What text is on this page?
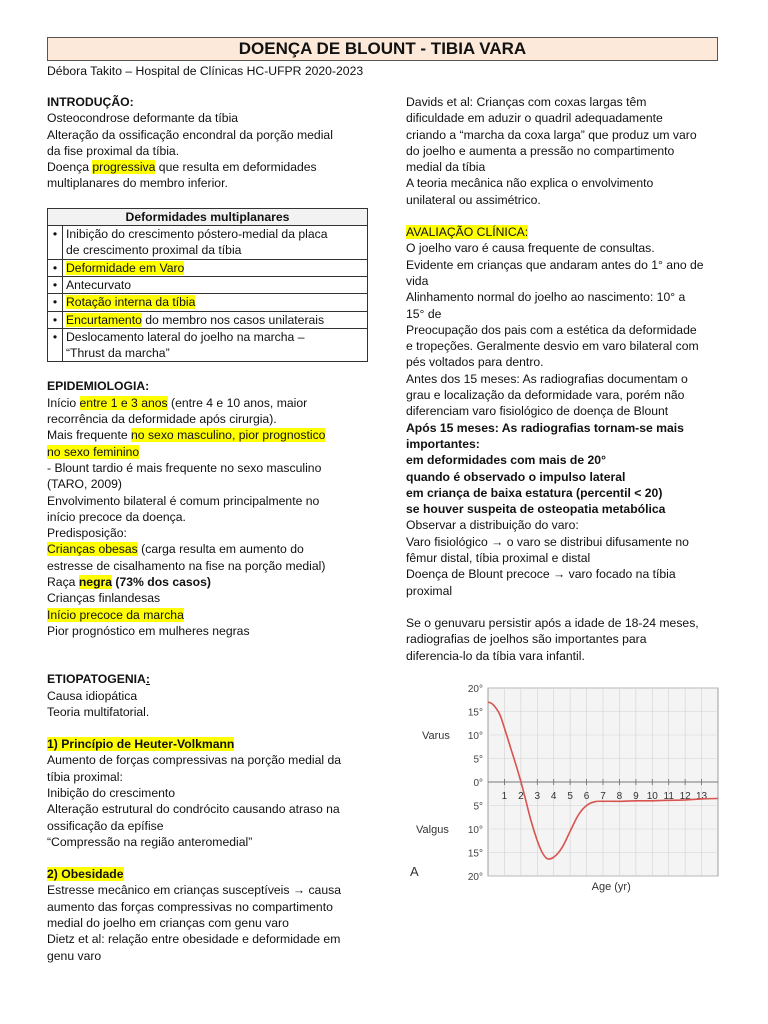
DOENÇA DE BLOUNT - TIBIA VARA
Débora Takito – Hospital de Clínicas HC-UFPR 2020-2023
INTRODUÇÃO:
Osteocondrose deformante da tíbia
Alteração da ossificação encondral da porção medial
da fise proximal da tíbia.
Doença progressiva que resulta em deformidades
multiplanares do membro inferior.
Deformidades multiplanares	
•	Inibição do crescimento póstero-medial da placa
de crescimento proximal da tíbia

•	Deformidade em Varo
•	Antecurvato
•	Rotação interna da tíbia
•	Encurtamento do membro nos casos unilaterais
•	Deslocamento lateral do joelho na marcha –
“Thrust da marcha”
EPIDEMIOLOGIA:
Início entre 1 e 3 anos (entre 4 e 10 anos, maior
recorrência da deformidade após cirurgia).
Mais frequente no sexo masculino, pior prognostico
no sexo feminino
- Blount tardio é mais frequente no sexo masculino
(TARO, 2009)
Envolvimento bilateral é comum principalmente no
início precoce da doença.
Predisposição:
Crianças obesas (carga resulta em aumento do
estresse de cisalhamento na fise na porção medial)
Raça negra (73% dos casos)
Crianças finlandesas
Início precoce da marcha
Pior prognóstico em mulheres negras
ETIOPATOGENIA:
Causa idiopática
Teoria multifatorial.
1) Princípio de Heuter-Volkmann
Aumento de forças compressivas na porção medial da
tíbia proximal:
Inibição do crescimento
Alteração estrutural do condrócito causando atraso na
ossificação da epífise
“Compressão na região anteromedial”
2) Obesidade
Estresse mecânico em crianças susceptíveis → causa
aumento das forças compressivas no compartimento
medial do joelho em crianças com genu varo
Dietz et al: relação entre obesidade e deformidade em
genu varo
Davids et al: Crianças com coxas largas têm
dificuldade em aduzir o quadril adequadamente
criando a “marcha da coxa larga” que produz um varo
do joelho e aumenta a pressão no compartimento
medial da tíbia
A teoria mecânica não explica o envolvimento
unilateral ou assimétrico.
AVALIAÇÃO CLÍNICA:
O joelho varo é causa frequente de consultas.
Evidente em crianças que andaram antes do 1° ano de
vida
Alinhamento normal do joelho ao nascimento: 10° a
15° de
Preocupação dos pais com a estética da deformidade
e tropeções. Geralmente desvio em varo bilateral com
pés voltados para dentro.
Antes dos 15 meses: As radiografias documentam o
grau e localização da deformidade vara, porém não
diferenciam varo fisiológico de doença de Blount
Após 15 meses: As radiografias tornam-se mais
importantes:
em deformidades com mais de 20°
quando é observado o impulso lateral
em criança de baixa estatura (percentil < 20)
se houver suspeita de osteopatia metabólica
Observar a distribuição do varo:
Varo fisiológico → o varo se distribui difusamente no
fêmur distal, tíbia proximal e distal
Doença de Blount precoce → varo focado na tíbia
proximal
Se o genuvaru persistir após a idade de 18-24 meses,
radiografias de joelhos são importantes para
diferencia-lo da tíbia vara infantil.
20°
15°
10°
5°
0°
5°
10°
15°
20°
1 2 3 4 5 6 7 8 9 10 11 12 13
Varus
Valgus
A
Age (yr)
